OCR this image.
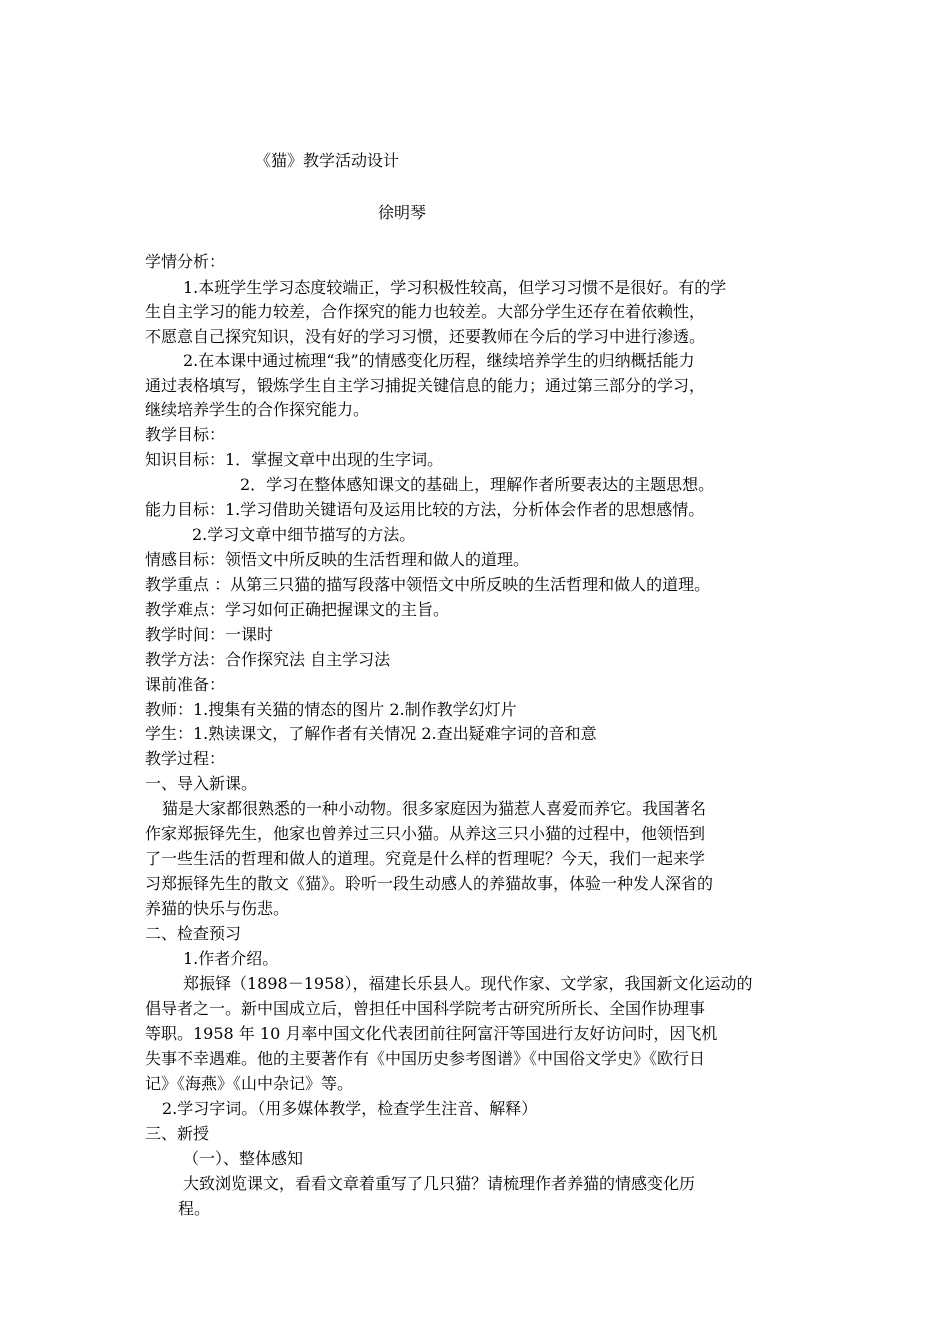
《猫》教学活动设计
徐明琴
学情分析：
1.本班学生学习态度较端正，学习积极性较高，但学习习惯不是很好。有的学
生自主学习的能力较差，合作探究的能力也较差。大部分学生还存在着依赖性，
不愿意自己探究知识，没有好的学习习惯，还要教师在今后的学习中进行渗透。
2.在本课中通过梳理“我”的情感变化历程，继续培养学生的归纳概括能力
通过表格填写，锻炼学生自主学习捕捉关键信息的能力；通过第三部分的学习，
继续培养学生的合作探究能力。
教学目标：
知识目标：1．掌握文章中出现的生字词。
2．学习在整体感知课文的基础上，理解作者所要表达的主题思想。
能力目标：1.学习借助关键语句及运用比较的方法，分析体会作者的思想感情。
2.学习文章中细节描写的方法。
情感目标：领悟文中所反映的生活哲理和做人的道理。
教学重点 ：从第三只猫的描写段落中领悟文中所反映的生活哲理和做人的道理。
教学难点：学习如何正确把握课文的主旨。
教学时间：一课时
教学方法：合作探究法 自主学习法
课前准备：
教师：1.搜集有关猫的情态的图片 2.制作教学幻灯片
学生：1.熟读课文，了解作者有关情况 2.查出疑难字词的音和意
教学过程：
一、导入新课。
猫是大家都很熟悉的一种小动物。很多家庭因为猫惹人喜爱而养它。我国著名
作家郑振铎先生，他家也曾养过三只小猫。从养这三只小猫的过程中，他领悟到
了一些生活的哲理和做人的道理。究竟是什么样的哲理呢？今天，我们一起来学
习郑振铎先生的散文《猫》。聆听一段生动感人的养猫故事，体验一种发人深省的
养猫的快乐与伤悲。
二、检查预习
1.作者介绍。
郑振铎（1898－1958），福建长乐县人。现代作家、文学家，我国新文化运动的
倡导者之一。新中国成立后，曾担任中国科学院考古研究所所长、全国作协理事
等职。1958 年 10 月率中国文化代表团前往阿富汗等国进行友好访问时，因飞机
失事不幸遇难。他的主要著作有《中国历史参考图谱》《中国俗文学史》《欧行日
记》《海燕》《山中杂记》等。
2.学习字词。（用多媒体教学，检查学生注音、解释）
三、新授
（一）、整体感知
大致浏览课文，看看文章着重写了几只猫？请梳理作者养猫的情感变化历
程。
